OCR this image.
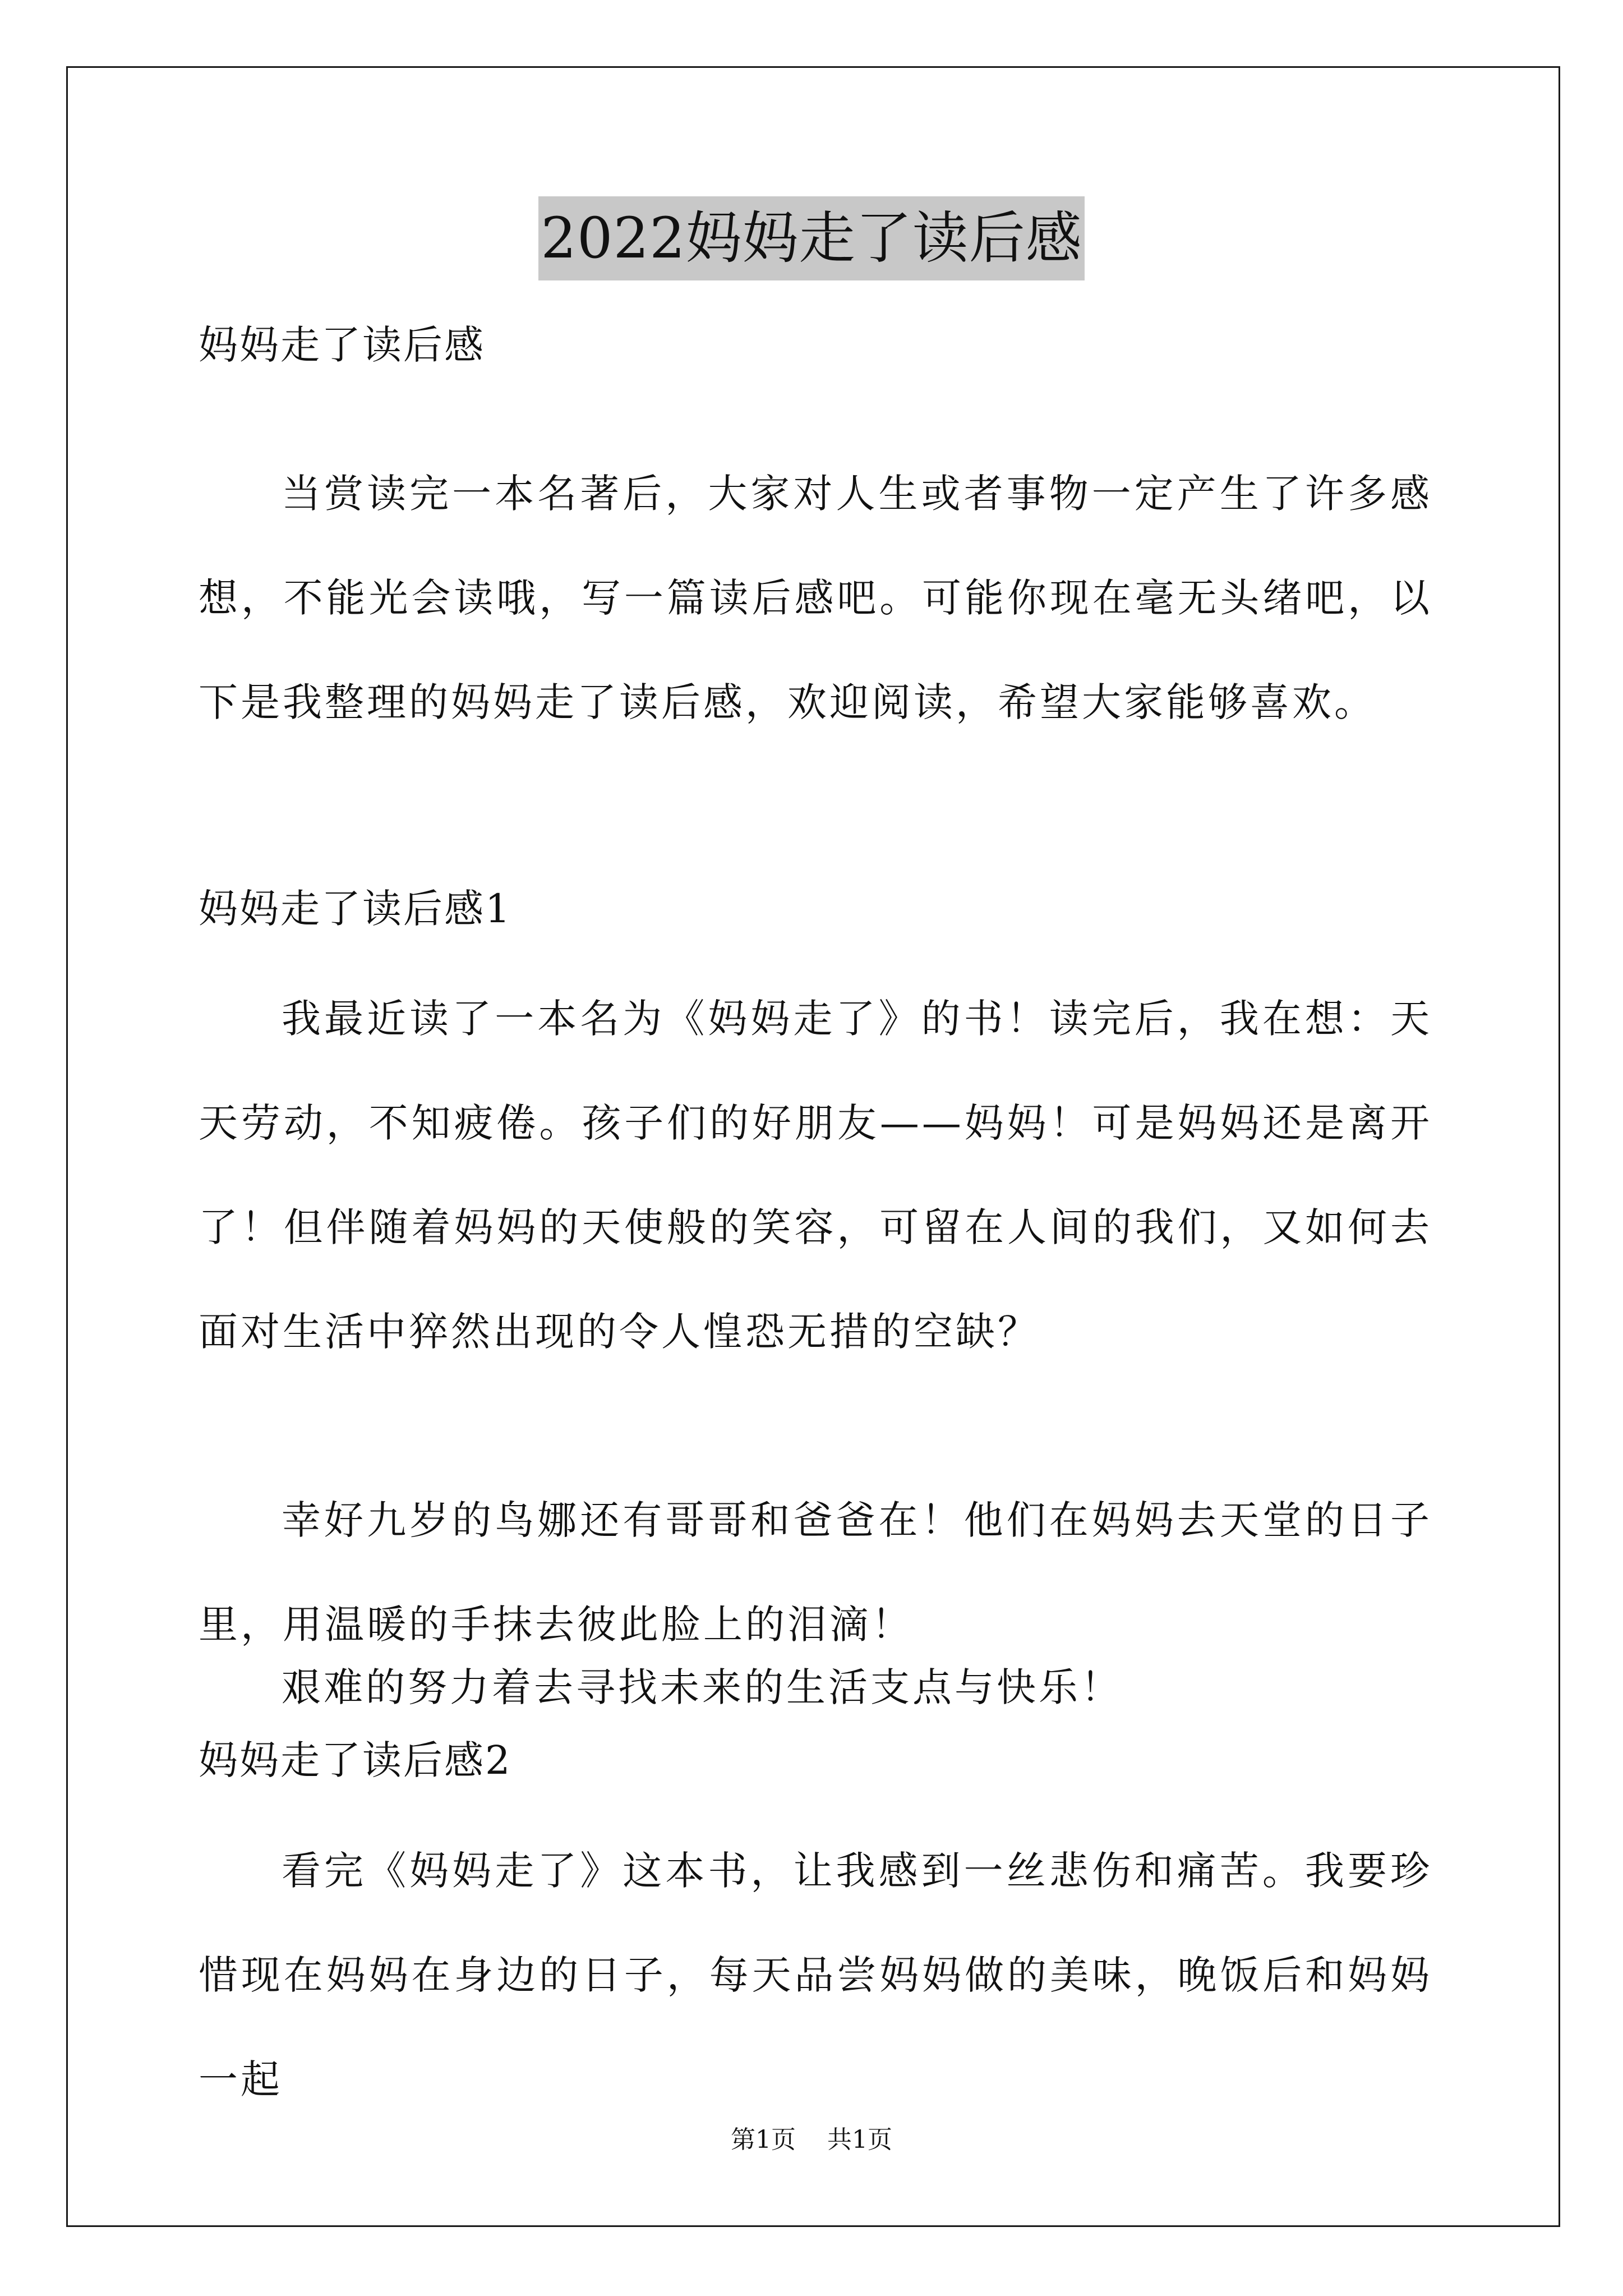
2022妈妈走了读后感
妈妈走了读后感
当赏读完一本名著后，大家对人生或者事物一定产生了许多感想，不能光会读哦，写一篇读后感吧。可能你现在毫无头绪吧，以下是我整理的妈妈走了读后感，欢迎阅读，希望大家能够喜欢。
妈妈走了读后感1
我最近读了一本名为《妈妈走了》的书！读完后，我在想：天天劳动，不知疲倦。孩子们的好朋友——妈妈！可是妈妈还是离开了！但伴随着妈妈的天使般的笑容，可留在人间的我们，又如何去面对生活中猝然出现的令人惶恐无措的空缺？
幸好九岁的鸟娜还有哥哥和爸爸在！他们在妈妈去天堂的日子里，用温暖的手抹去彼此脸上的泪滴！
艰难的努力着去寻找未来的生活支点与快乐！
妈妈走了读后感2
看完《妈妈走了》这本书，让我感到一丝悲伤和痛苦。我要珍惜现在妈妈在身边的日子，每天品尝妈妈做的美味，晚饭后和妈妈一起
第1页    共1页
